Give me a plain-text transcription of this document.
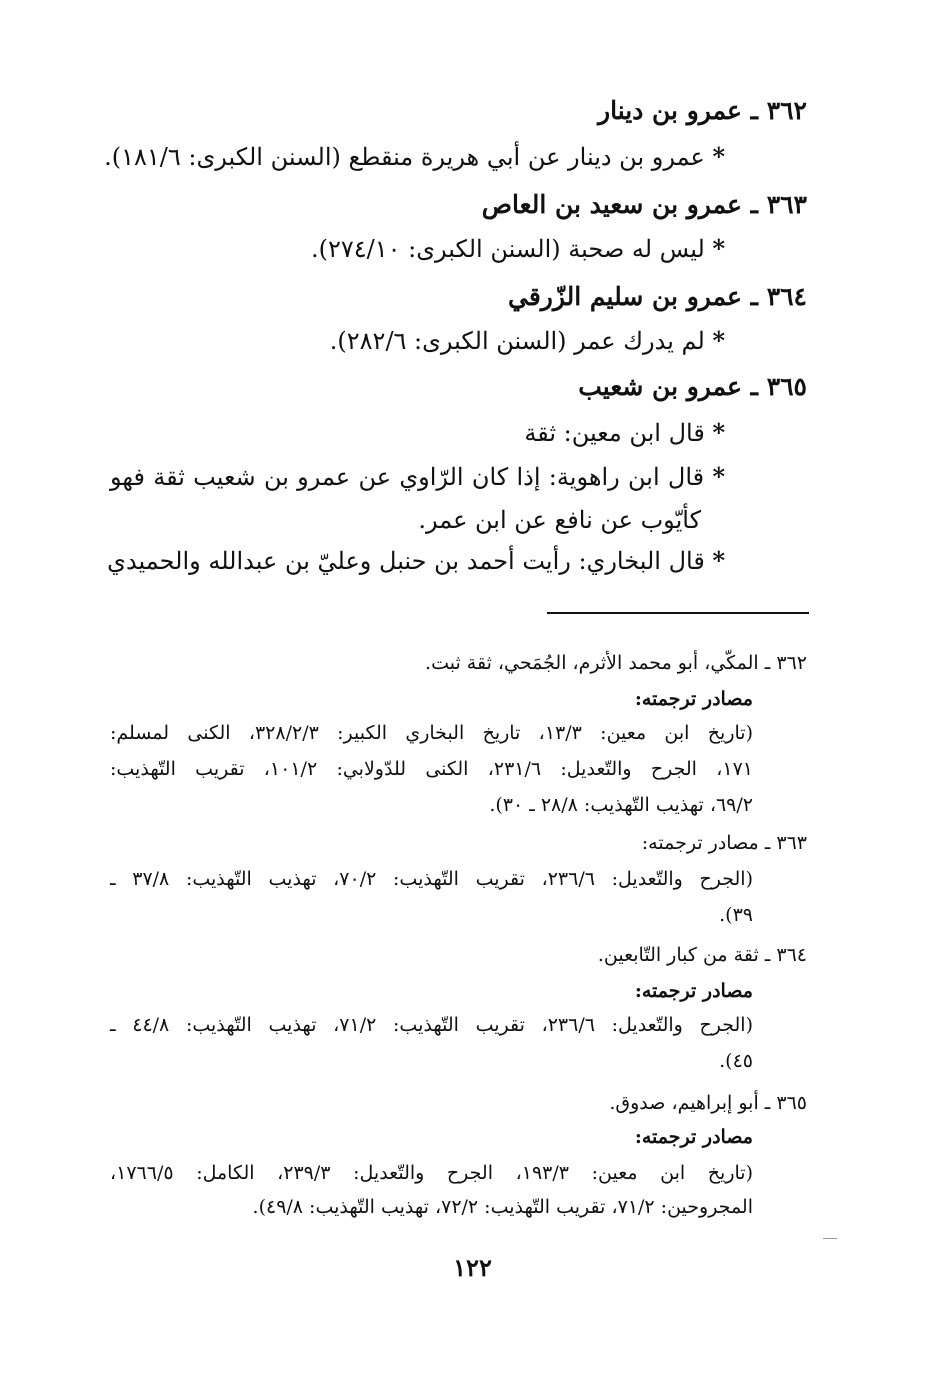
٣٦٢ ـ عمرو بن دينار
* عمرو بن دينار عن أبي هريرة منقطع (السنن الكبرى: ١٨١/٦).
٣٦٣ ـ عمرو بن سعيد بن العاص
* ليس له صحبة (السنن الكبرى: ٢٧٤/١٠).
٣٦٤ ـ عمرو بن سليم الزّرقي
* لم يدرك عمر (السنن الكبرى: ٢٨٢/٦).
٣٦٥ ـ عمرو بن شعيب
* قال ابن معين: ثقة
* قال ابن راهوية: إذا كان الرّاوي عن عمرو بن شعيب ثقة فهو
كأيّوب عن نافع عن ابن عمر.
* قال البخاري: رأيت أحمد بن حنبل وعليّ بن عبدالله والحميدي
٣٦٢ ـ المكّي، أبو محمد الأثرم، الجُمَحي، ثقة ثبت.
مصادر ترجمته:
(تاريخ ابن معين: ١٣/٣، تاريخ البخاري الكبير: ٣٢٨/٢/٣، الكنى لمسلم:
١٧١، الجرح والتّعديل: ٢٣١/٦، الكنى للدّولابي: ١٠١/٢، تقريب التّهذيب:
٦٩/٢، تهذيب التّهذيب: ٢٨/٨ ـ ٣٠).
٣٦٣ ـ مصادر ترجمته:
(الجرح والتّعديل: ٢٣٦/٦، تقريب التّهذيب: ٧٠/٢، تهذيب التّهذيب: ٣٧/٨ ـ
٣٩).
٣٦٤ ـ ثقة من كبار التّابعين.
مصادر ترجمته:
(الجرح والتّعديل: ٢٣٦/٦، تقريب التّهذيب: ٧١/٢، تهذيب التّهذيب: ٤٤/٨ ـ
٤٥).
٣٦٥ ـ أبو إبراهيم، صدوق.
مصادر ترجمته:
(تاريخ ابن معين: ١٩٣/٣، الجرح والتّعديل: ٢٣٩/٣، الكامل: ١٧٦٦/٥،
المجروحين: ٧١/٢، تقريب التّهذيب: ٧٢/٢، تهذيب التّهذيب: ٤٩/٨).
١٢٢
